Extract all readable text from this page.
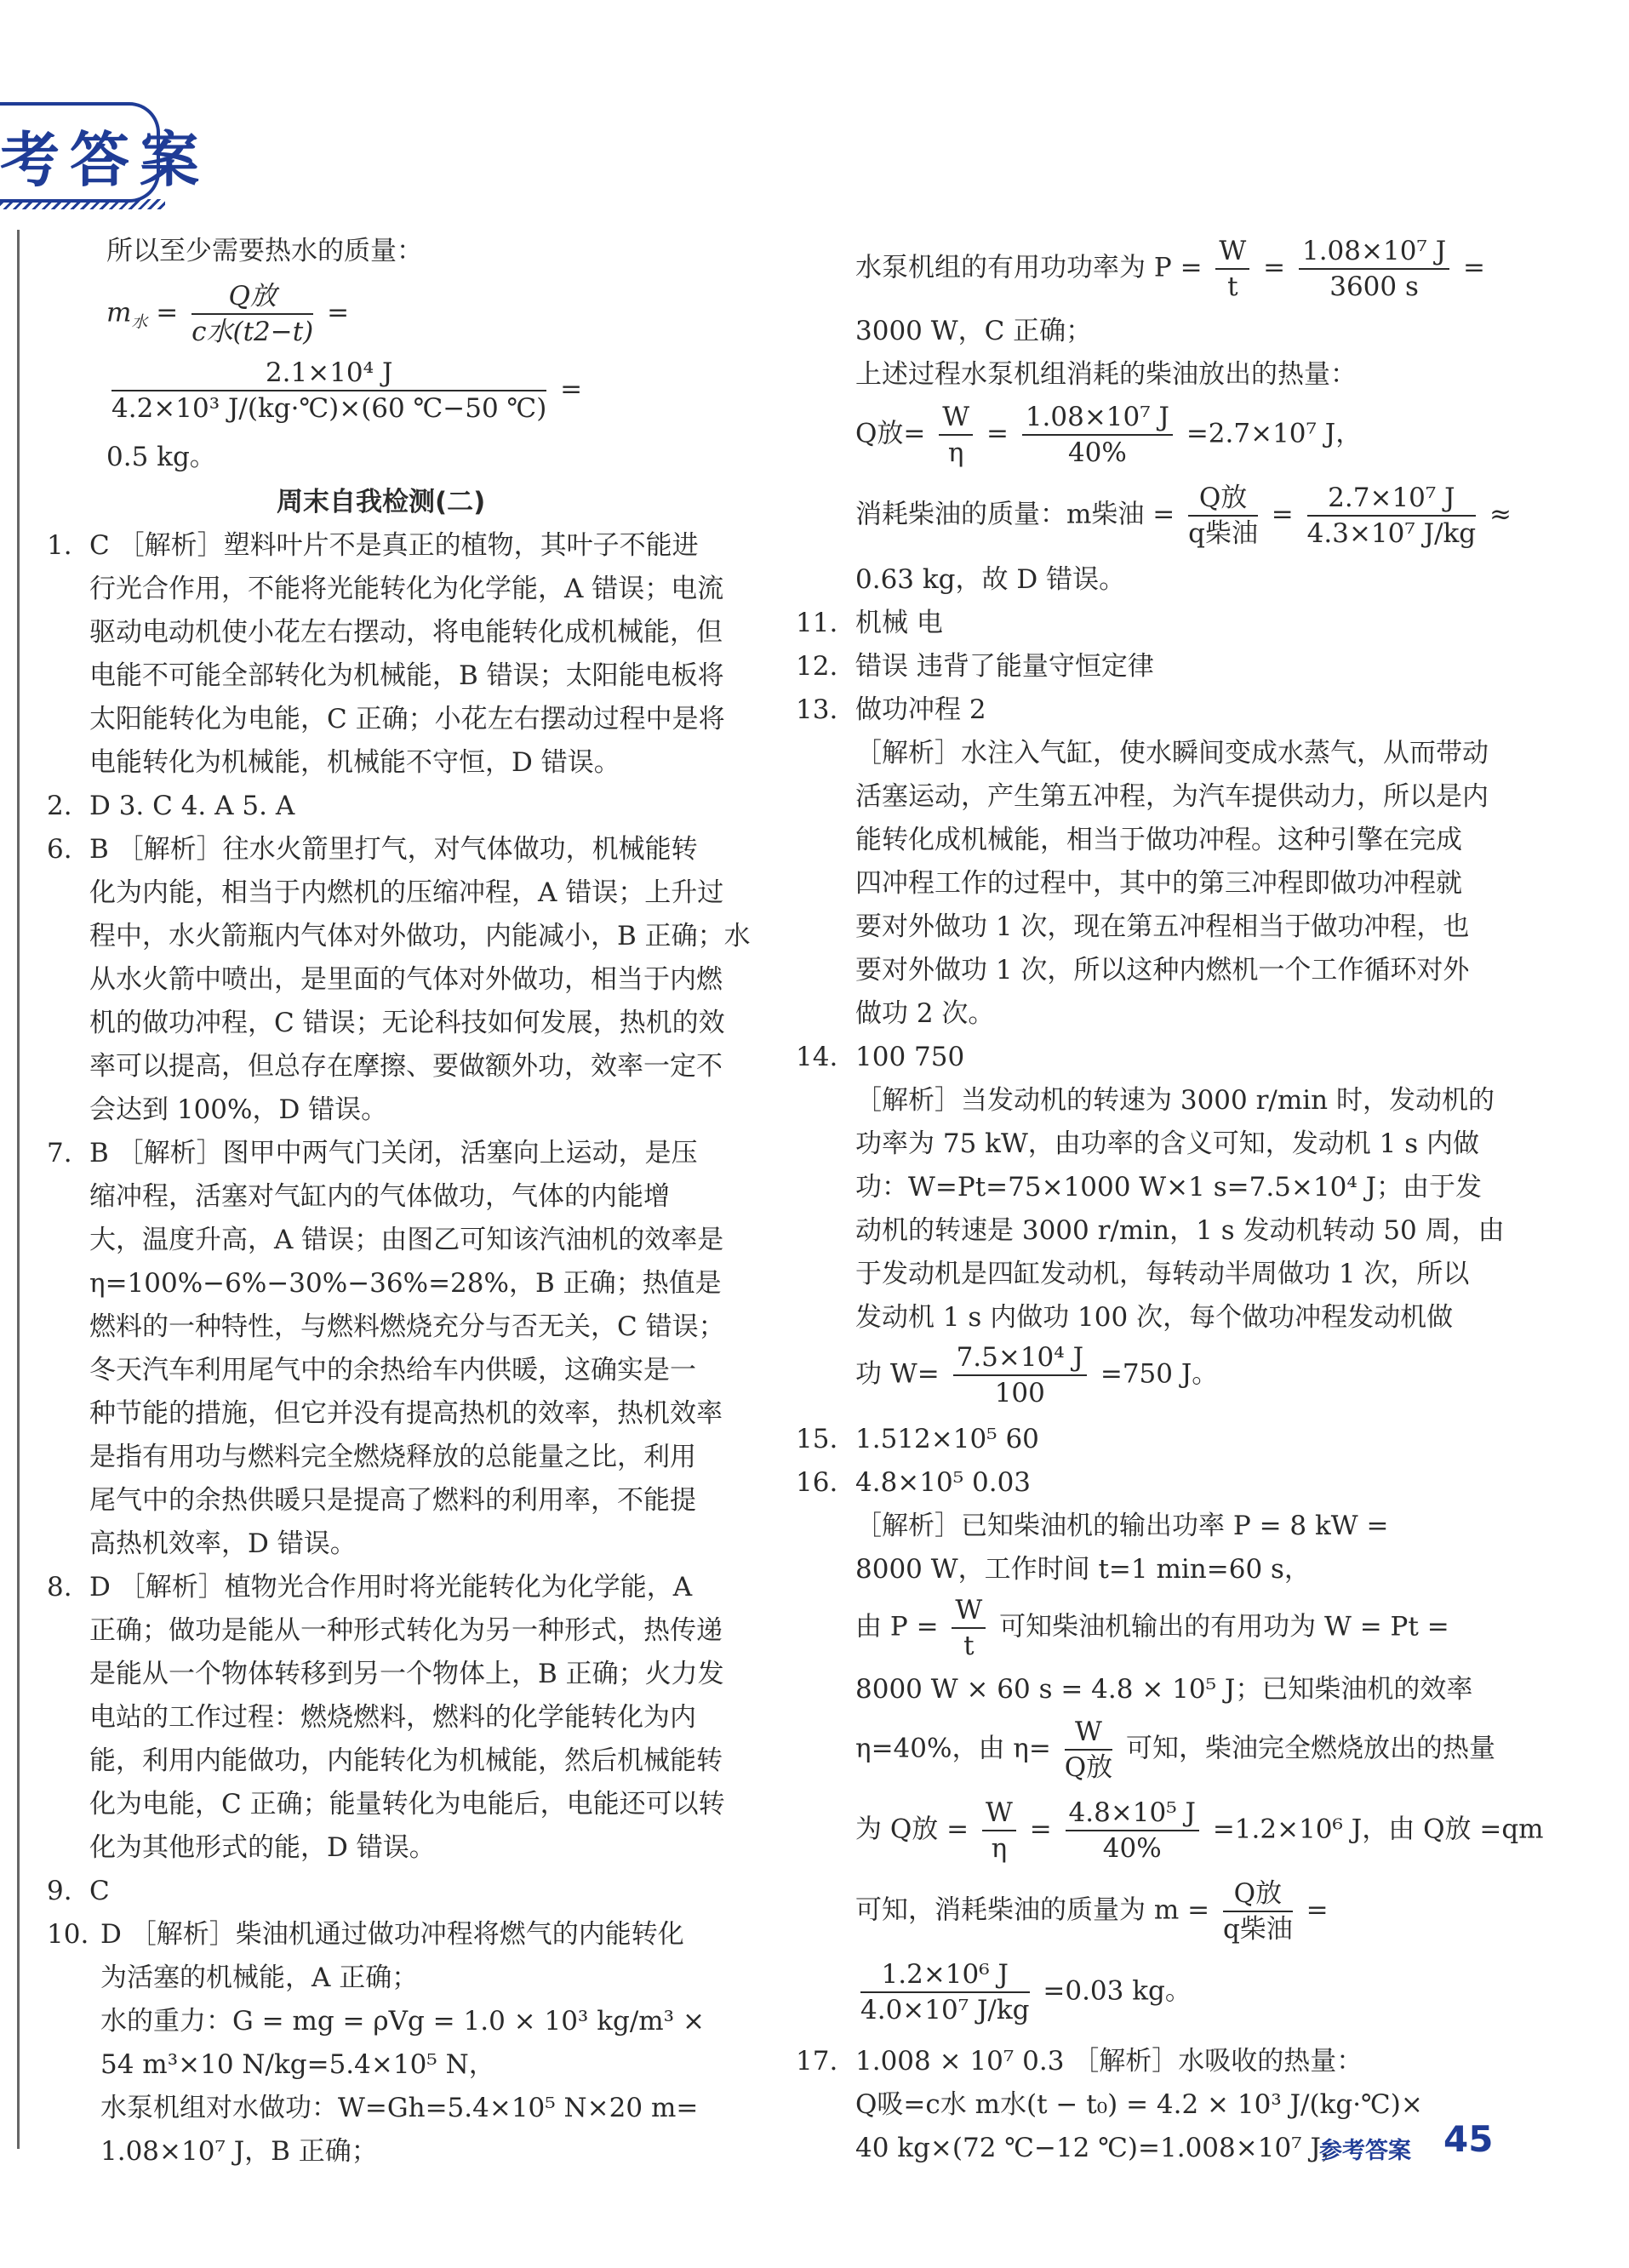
考答案
所以至少需要热水的质量：
$m_水 = \frac{\text{Q放}}{\text{c水(t2−t)}}$ =
$\frac{\text{2.1×10⁴ J}}{\text{4.2×10³ J/(kg·℃)×(60 ℃−50 ℃)}}$ =
0.5 kg。
周末自我检测(二)
1. C ［解析］塑料叶片不是真正的植物，其叶子不能进
行光合作用，不能将光能转化为化学能，A 错误；电流
驱动电动机使小花左右摆动，将电能转化成机械能，但
电能不可能全部转化为机械能，B 错误；太阳能电板将
太阳能转化为电能，C 正确；小花左右摆动过程中是将
电能转化为机械能，机械能不守恒，D 错误。
2. D 3. C 4. A 5. A
6. B ［解析］往水火箭里打气，对气体做功，机械能转
化为内能，相当于内燃机的压缩冲程，A 错误；上升过
程中，水火箭瓶内气体对外做功，内能减小，B 正确；水
从水火箭中喷出，是里面的气体对外做功，相当于内燃
机的做功冲程，C 错误；无论科技如何发展，热机的效
率可以提高，但总存在摩擦、要做额外功，效率一定不
会达到 100%，D 错误。
7. B ［解析］图甲中两气门关闭，活塞向上运动，是压
缩冲程，活塞对气缸内的气体做功，气体的内能增
大，温度升高，A 错误；由图乙可知该汽油机的效率是
η=100%−6%−30%−36%=28%，B 正确；热值是
燃料的一种特性，与燃料燃烧充分与否无关，C 错误；
冬天汽车利用尾气中的余热给车内供暖，这确实是一
种节能的措施，但它并没有提高热机的效率，热机效率
是指有用功与燃料完全燃烧释放的总能量之比，利用
尾气中的余热供暖只是提高了燃料的利用率，不能提
高热机效率，D 错误。
8. D ［解析］植物光合作用时将光能转化为化学能，A
正确；做功是能从一种形式转化为另一种形式，热传递
是能从一个物体转移到另一个物体上，B 正确；火力发
电站的工作过程：燃烧燃料，燃料的化学能转化为内
能，利用内能做功，内能转化为机械能，然后机械能转
化为电能，C 正确；能量转化为电能后，电能还可以转
化为其他形式的能，D 错误。
9. C
10. D ［解析］柴油机通过做功冲程将燃气的内能转化
为活塞的机械能，A 正确；
水的重力：G = mg = ρVg = 1.0 × 10³ kg/m³ ×
54 m³×10 N/kg=5.4×10⁵ N，
水泵机组对水做功：W=Gh=5.4×10⁵ N×20 m=
1.08×10⁷ J，B 正确；
水泵机组的有用功功率为 $P = \frac{W}{t} = \frac{\text{1.08×10⁷ J}}{3600 s}$ =
3000 W，C 正确；
上述过程水泵机组消耗的柴油放出的热量：
Q放= $\frac{W}{\eta} = \frac{\text{1.08×10⁷ J}}{40\%} =2.7\times 10^7$ J，
消耗柴油的质量：m柴油 = $\frac{\text{Q放}}{\text{q柴油}} = \frac{\text{2.7×10⁷ J}}{\text{4.3×10⁷ J/kg}}$ ≈
0.63 kg，故 D 错误。
11. 机械 电
12. 错误 违背了能量守恒定律
13. 做功冲程 2
［解析］水注入气缸，使水瞬间变成水蒸气，从而带动
活塞运动，产生第五冲程，为汽车提供动力，所以是内
能转化成机械能，相当于做功冲程。这种引擎在完成
四冲程工作的过程中，其中的第三冲程即做功冲程就
要对外做功 1 次，现在第五冲程相当于做功冲程，也
要对外做功 1 次，所以这种内燃机一个工作循环对外
做功 2 次。
14. 100 750
［解析］当发动机的转速为 3000 r/min 时，发动机的
功率为 75 kW，由功率的含义可知，发动机 1 s 内做
功：W=Pt=75×1000 W×1 s=7.5×10⁴ J；由于发
动机的转速是 3000 r/min，1 s 发动机转动 50 周，由
于发动机是四缸发动机，每转动半周做功 1 次，所以
发动机 1 s 内做功 100 次，每个做功冲程发动机做
功 $W= \frac{\text{7.5×10⁴ J}}{100} =750$ J。
15. 1.512×10⁵ 60
16. 4.8×10⁵ 0.03
［解析］已知柴油机的输出功率 P = 8 kW =
8000 W，工作时间 t=1 min=60 s，
由 $P = \frac{W}{t}$ 可知柴油机输出的有用功为 W = Pt =
8000 W × 60 s = 4.8 × 10⁵ J；已知柴油机的效率
η=40%，由 $\eta= \frac{W}{\text{Q放}}$ 可知，柴油完全燃烧放出的热量
为 Q放 = $\frac{W}{\eta} = \frac{\text{4.8×10⁵ J}}{40\%} =1.2\times 10^6$ J，由 Q放 =qm
可知，消耗柴油的质量为 $m = \frac{\text{Q放}}{\text{q柴油}}$ =
$\frac{\text{1.2×10⁶ J}}{\text{4.0×10⁷ J/kg}} =0.03$ kg。
17. 1.008 × 10⁷ 0.3 ［解析］水吸收的热量：
Q吸=c水 m水(t − t₀) = 4.2 × 10³ J/(kg·℃)×
40 kg×(72 ℃−12 ℃)=1.008×10⁷ J，
参考答案 45
